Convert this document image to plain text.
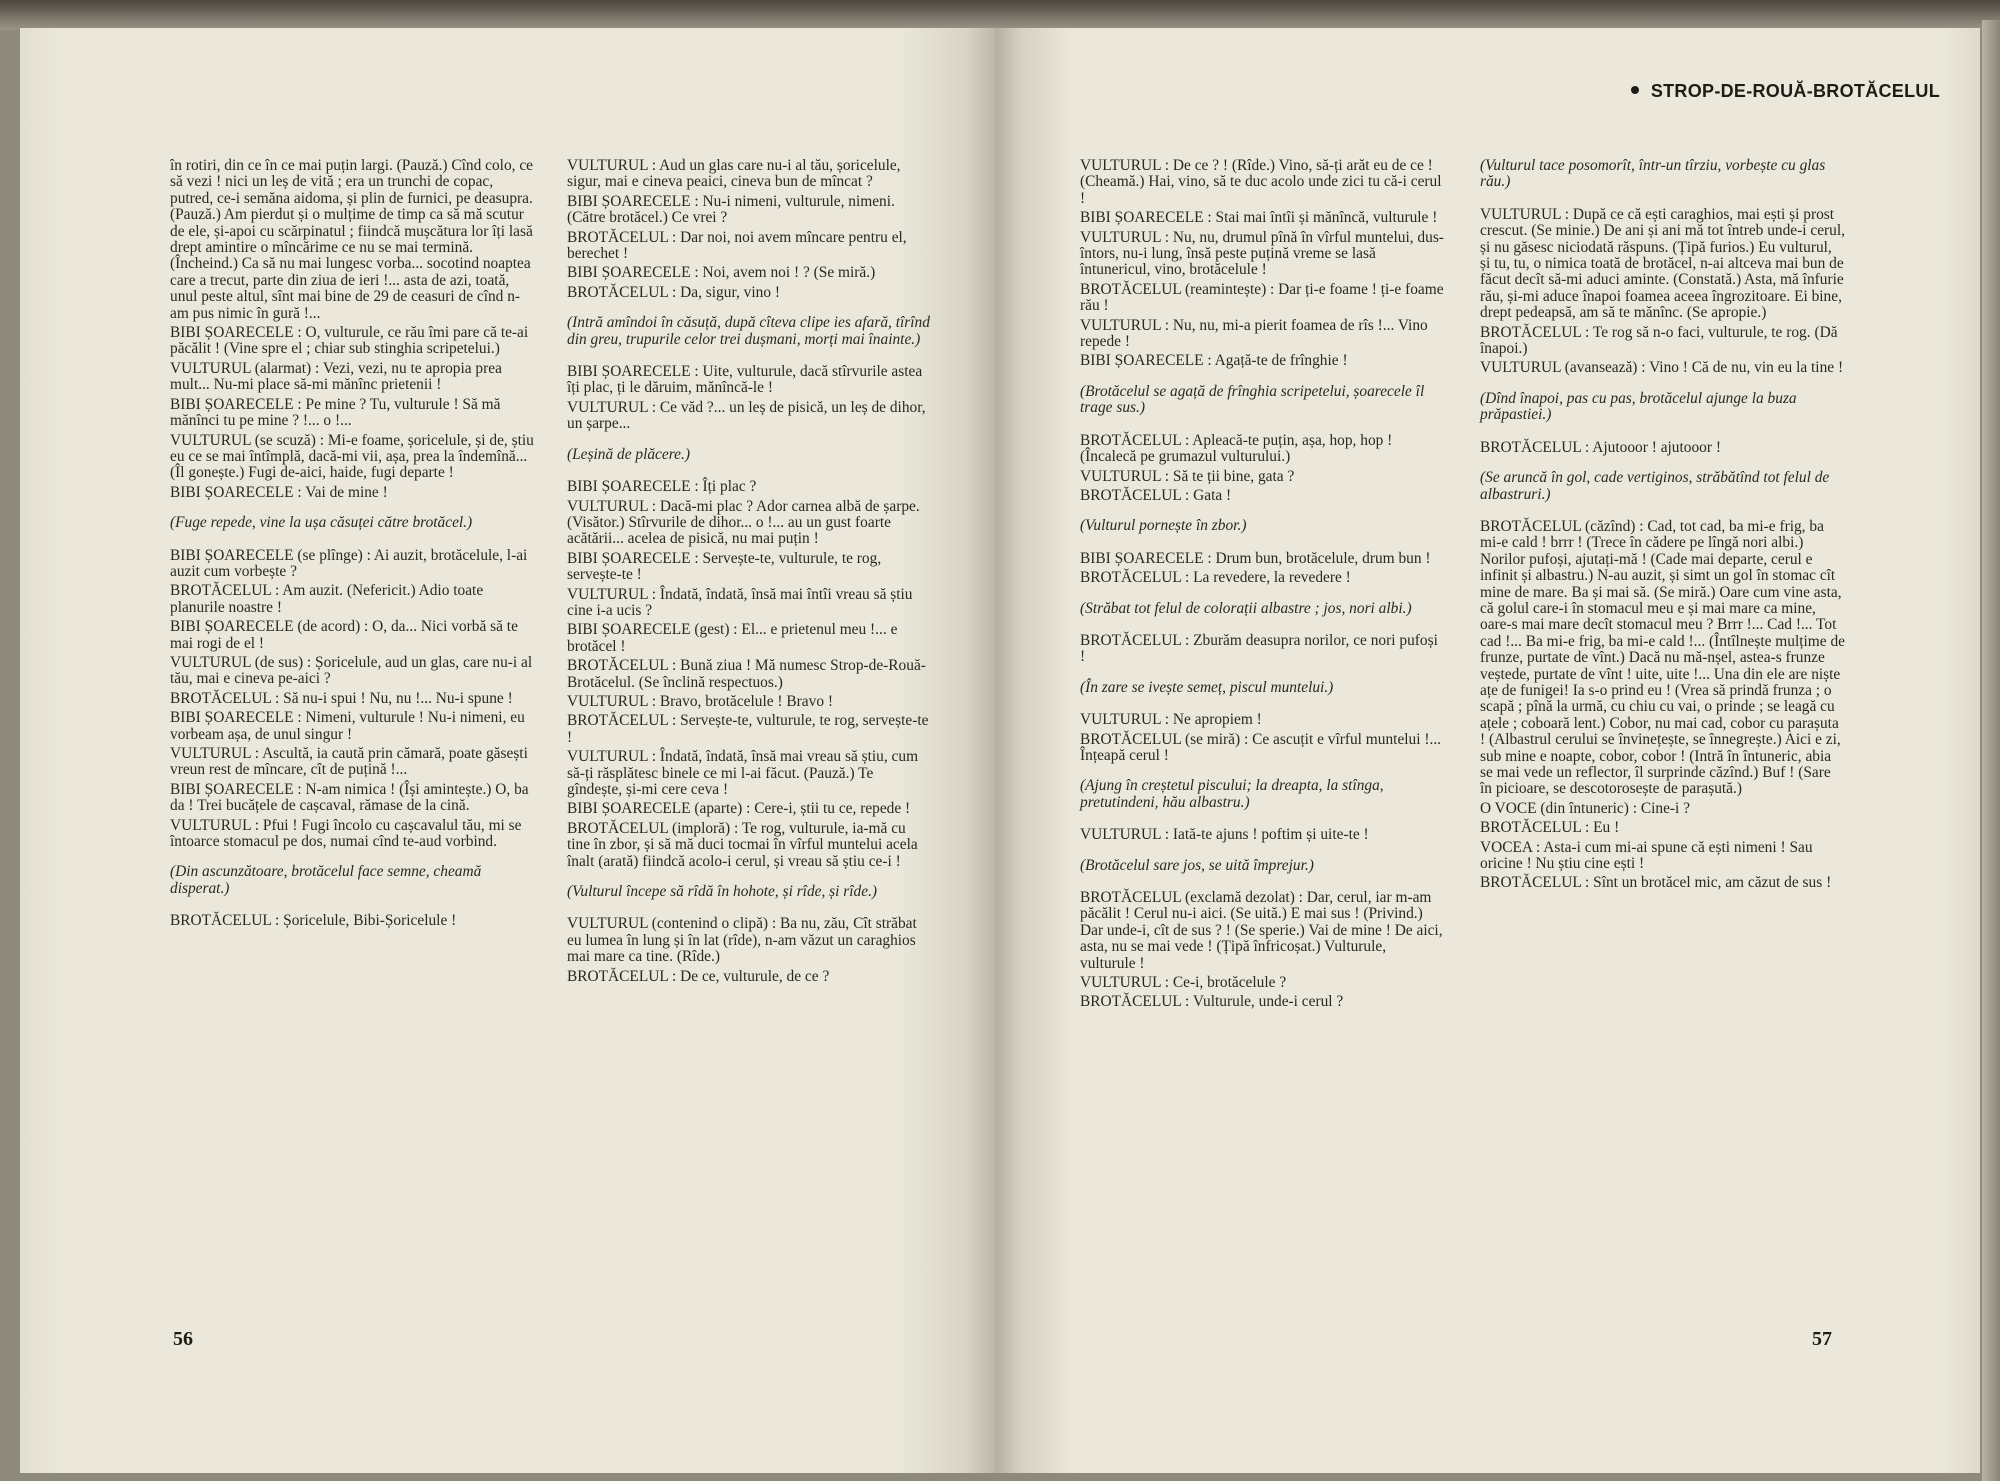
în rotiri, din ce în ce mai puțin largi. (Pauză.) Cînd colo, ce să vezi ! nici un leș de vită ; era un trunchi de copac, putred, ce-i semăna aidoma, și plin de furnici, pe deasupra. (Pauză.) Am pierdut și o mulțime de timp ca să mă scutur de ele, și-apoi cu scărpinatul ; fiindcă mușcătura lor îți lasă drept amintire o mîncărime ce nu se mai termină. (Încheind.) Ca să nu mai lungesc vorba... socotind noaptea care a trecut, parte din ziua de ieri !... asta de azi, toată, unul peste altul, sînt mai bine de 29 de ceasuri de cînd n-am pus nimic în gură !...

BIBI ȘOARECELE : O, vulturule, ce rău îmi pare că te-ai păcălit ! (Vine spre el ; chiar sub stinghia scripetelui.)

VULTURUL (alarmat) : Vezi, vezi, nu te apropia prea mult... Nu-mi place să-mi mănînc prietenii !

BIBI ȘOARECELE : Pe mine ? Tu, vulturule ! Să mă mănînci tu pe mine ? !... o !...

VULTURUL (se scuză) : Mi-e foame, șoricelule, și de, știu eu ce se mai întîmplă, dacă-mi vii, așa, prea la îndemînă... (Îl gonește.) Fugi de-aici, haide, fugi departe !

BIBI ȘOARECELE : Vai de mine !

(Fuge repede, vine la ușa căsuței către brotăcel.)

BIBI ȘOARECELE (se plînge) : Ai auzit, brotăcelule, l-ai auzit cum vorbește ?

BROTĂCELUL : Am auzit. (Nefericit.) Adio toate planurile noastre !

BIBI ȘOARECELE (de acord) : O, da... Nici vorbă să te mai rogi de el !

VULTURUL (de sus) : Șoricelule, aud un glas, care nu-i al tău, mai e cineva pe-aici ?

BROTĂCELUL : Să nu-i spui ! Nu, nu !... Nu-i spune !

BIBI ȘOARECELE : Nimeni, vulturule ! Nu-i nimeni, eu vorbeam așa, de unul singur !

VULTURUL : Ascultă, ia caută prin cămară, poate găsești vreun rest de mîncare, cît de puțină !...

BIBI ȘOARECELE : N-am nimica ! (Își amintește.) O, ba da ! Trei bucățele de cașcaval, rămase de la cină.

VULTURUL : Pfui ! Fugi încolo cu cașcavalul tău, mi se întoarce stomacul pe dos, numai cînd te-aud vorbind.

(Din ascunzătoare, brotăcelul face semne, cheamă disperat.)

BROTĂCELUL : Șoricelule, Bibi-Șoricelule !

VULTURUL : Aud un glas care nu-i al tău, șoricelule, sigur, mai e cineva peaici, cineva bun de mîncat ?

BIBI ȘOARECELE : Nu-i nimeni, vulturule, nimeni. (Către brotăcel.) Ce vrei ?

BROTĂCELUL : Dar noi, noi avem mîncare pentru el, berechet !

BIBI ȘOARECELE : Noi, avem noi ! ? (Se miră.)

BROTĂCELUL : Da, sigur, vino !

(Intră amîndoi în căsuță, după cîteva clipe ies afară, tîrînd din greu, trupurile celor trei dușmani, morți mai înainte.)

BIBI ȘOARECELE : Uite, vulturule, dacă stîrvurile astea îți plac, ți le dăruim, mănîncă-le !

VULTURUL : Ce văd ?... un leș de pisică, un leș de dihor, un șarpe...

(Leșină de plăcere.)

BIBI ȘOARECELE : Îți plac ?

VULTURUL : Dacă-mi plac ? Ador carnea albă de șarpe. (Visător.) Stîrvurile de dihor... o !... au un gust foarte acătării... acelea de pisică, nu mai puțin !

BIBI ȘOARECELE : Servește-te, vulturule, te rog, servește-te !

VULTURUL : Îndată, îndată, însă mai întîi vreau să știu cine i-a ucis ?

BIBI ȘOARECELE (gest) : El... e prietenul meu !... e brotăcel !

BROTĂCELUL : Bună ziua ! Mă numesc Strop-de-Rouă-Brotăcelul. (Se înclină respectuos.)

VULTURUL : Bravo, brotăcelule ! Bravo !

BROTĂCELUL : Servește-te, vulturule, te rog, servește-te !

VULTURUL : Îndată, îndată, însă mai vreau să știu, cum să-ți răsplătesc binele ce mi l-ai făcut. (Pauză.) Te gîndește, și-mi cere ceva !

BIBI ȘOARECELE (aparte) : Cere-i, știi tu ce, repede !

BROTĂCELUL (imploră) : Te rog, vulturule, ia-mă cu tine în zbor, și să mă duci tocmai în vîrful muntelui acela înalt (arată) fiindcă acolo-i cerul, și vreau să știu ce-i !

(Vulturul începe să rîdă în hohote, și rîde, și rîde.)

VULTURUL (contenind o clipă) : Ba nu, zău, Cît străbat eu lumea în lung și în lat (rîde), n-am văzut un caraghios mai mare ca tine. (Rîde.)

BROTĂCELUL : De ce, vulturule, de ce ?

56
STROP-DE-ROUĂ-BROTĂCELUL

VULTURUL : De ce ? ! (Rîde.) Vino, să-ți arăt eu de ce ! (Cheamă.) Hai, vino, să te duc acolo unde zici tu că-i cerul !

BIBI ȘOARECELE : Stai mai întîi și mănîncă, vulturule !

VULTURUL : Nu, nu, drumul pînă în vîrful muntelui, dus-întors, nu-i lung, însă peste puțină vreme se lasă întunericul, vino, brotăcelule !

BROTĂCELUL (reamintește) : Dar ți-e foame ! ți-e foame rău !

VULTURUL : Nu, nu, mi-a pierit foamea de rîs !... Vino repede !

BIBI ȘOARECELE : Agață-te de frînghie !

(Brotăcelul se agață de frînghia scripetelui, șoarecele îl trage sus.)

BROTĂCELUL : Apleacă-te puțin, așa, hop, hop ! (Încalecă pe grumazul vulturului.)

VULTURUL : Să te ții bine, gata ?

BROTĂCELUL : Gata !

(Vulturul pornește în zbor.)

BIBI ȘOARECELE : Drum bun, brotăcelule, drum bun !

BROTĂCELUL : La revedere, la revedere !

(Străbat tot felul de colorații albastre ; jos, nori albi.)

BROTĂCELUL : Zburăm deasupra norilor, ce nori pufoși !

(În zare se ivește semeț, piscul muntelui.)

VULTURUL : Ne apropiem !

BROTĂCELUL (se miră) : Ce ascuțit e vîrful muntelui !... Înțeapă cerul !

(Ajung în creștetul piscului; la dreapta, la stînga, pretutindeni, hău albastru.)

VULTURUL : Iată-te ajuns ! poftim și uite-te !

(Brotăcelul sare jos, se uită împrejur.)

BROTĂCELUL (exclamă dezolat) : Dar, cerul, iar m-am păcălit ! Cerul nu-i aici. (Se uită.) E mai sus ! (Privind.) Dar unde-i, cît de sus ? ! (Se sperie.) Vai de mine ! De aici, asta, nu se mai vede ! (Țipă înfricoșat.) Vulturule, vulturule !

VULTURUL : Ce-i, brotăcelule ?

BROTĂCELUL : Vulturule, unde-i cerul ?

(Vulturul tace posomorît, într-un tîrziu, vorbește cu glas rău.)

VULTURUL : După ce că ești caraghios, mai ești și prost crescut. (Se minie.) De ani și ani mă tot întreb unde-i cerul, și nu găsesc niciodată răspuns. (Țipă furios.) Eu vulturul, și tu, tu, o nimica toată de brotăcel, n-ai altceva mai bun de făcut decît să-mi aduci aminte. (Constată.) Asta, mă înfurie rău, și-mi aduce înapoi foamea aceea îngrozitoare. Ei bine, drept pedeapsă, am să te mănînc. (Se apropie.)

BROTĂCELUL : Te rog să n-o faci, vulturule, te rog. (Dă înapoi.)

VULTURUL (avansează) : Vino ! Că de nu, vin eu la tine !

(Dînd înapoi, pas cu pas, brotăcelul ajunge la buza prăpastiei.)

BROTĂCELUL : Ajutooor ! ajutooor !

(Se aruncă în gol, cade vertiginos, străbătînd tot felul de albastruri.)

BROTĂCELUL (căzînd) : Cad, tot cad, ba mi-e frig, ba mi-e cald ! brrr ! (Trece în cădere pe lîngă nori albi.) Norilor pufoși, ajutați-mă ! (Cade mai departe, cerul e infinit și albastru.) N-au auzit, și simt un gol în stomac cît mine de mare. Ba și mai să. (Se miră.) Oare cum vine asta, că golul care-i în stomacul meu e și mai mare ca mine, oare-s mai mare decît stomacul meu ? Brrr !... Cad !... Tot cad !... Ba mi-e frig, ba mi-e cald !... (Întîlnește mulțime de frunze, purtate de vînt.) Dacă nu mă-nșel, astea-s frunze veștede, purtate de vînt ! uite, uite !... Una din ele are niște ațe de funigei! Ia s-o prind eu ! (Vrea să prindă frunza ; o scapă ; pînă la urmă, cu chiu cu vai, o prinde ; se leagă cu ațele ; coboară lent.) Cobor, nu mai cad, cobor cu parașuta ! (Albastrul cerului se învinețește, se înnegrește.) Aici e zi, sub mine e noapte, cobor, cobor ! (Intră în întuneric, abia se mai vede un reflector, îl surprinde căzînd.) Buf ! (Sare în picioare, se descotorosește de parașută.)

O VOCE (din întuneric) : Cine-i ?

BROTĂCELUL : Eu !

VOCEA : Asta-i cum mi-ai spune că ești nimeni ! Sau oricine ! Nu știu cine ești !

BROTĂCELUL : Sînt un brotăcel mic, am căzut de sus !

57
